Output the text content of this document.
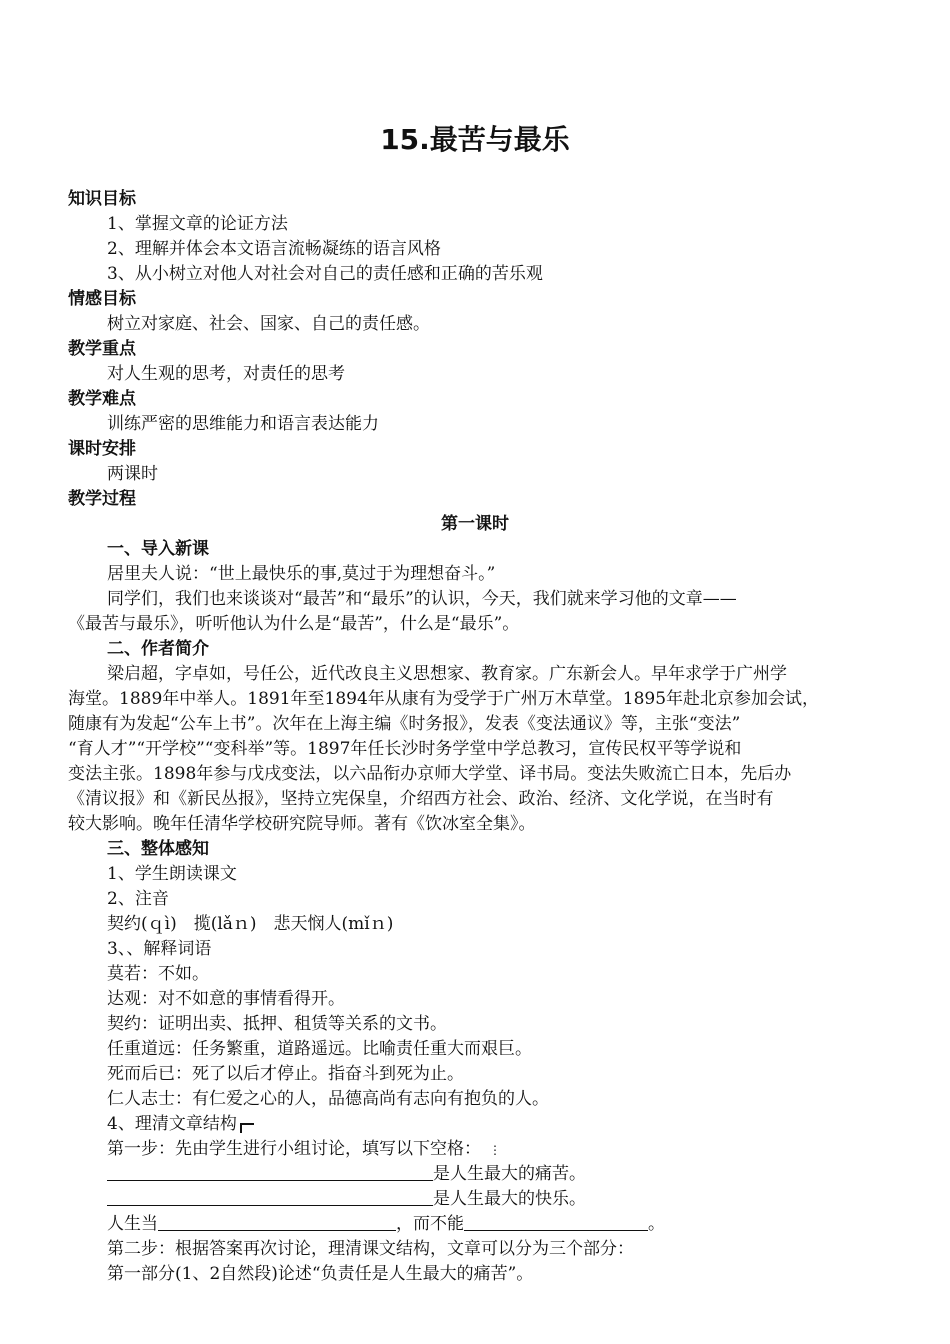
15.最苦与最乐
知识目标
1、掌握文章的论证方法
2、理解并体会本文语言流畅凝练的语言风格
3、从小树立对他人对社会对自己的责任感和正确的苦乐观
情感目标
树立对家庭、社会、国家、自己的责任感。
教学重点
对人生观的思考，对责任的思考
教学难点
训练严密的思维能力和语言表达能力
课时安排
两课时
教学过程
第一课时
一、导入新课
居里夫人说：“世上最快乐的事,莫过于为理想奋斗。”
同学们，我们也来谈谈对“最苦”和“最乐”的认识，今天，我们就来学习他的文章——
《最苦与最乐》，听听他认为什么是“最苦”，什么是“最乐”。
二、作者简介
梁启超，字卓如，号任公，近代改良主义思想家、教育家。广东新会人。早年求学于广州学
海堂。1889年中举人。1891年至1894年从康有为受学于广州万木草堂。1895年赴北京参加会试，
随康有为发起“公车上书”。次年在上海主编《时务报》，发表《变法通议》等，主张“变法”
“育人才”“开学校”“变科举”等。1897年任长沙时务学堂中学总教习，宣传民权平等学说和
变法主张。1898年参与戊戌变法，以六品衔办京师大学堂、译书局。变法失败流亡日本，先后办
《清议报》和《新民丛报》，坚持立宪保皇，介绍西方社会、政治、经济、文化学说，在当时有
较大影响。晚年任清华学校研究院导师。著有《饮冰室全集》。
三、整体感知
1、学生朗读课文
2、注音
契约(ｑì)　揽(lǎｎ)　悲天悯人(mǐｎ)
3、、解释词语
莫若：不如。
达观：对不如意的事情看得开。
契约：证明出卖、抵押、租赁等关系的文书。
任重道远：任务繁重，道路遥远。比喻责任重大而艰巨。
死而后已：死了以后才停止。指奋斗到死为止。
仁人志士：有仁爱之心的人，品德高尚有志向有抱负的人。
4、理清文章结构
第一步：先由学生进行小组讨论，填写以下空格： ⋮
是人生最大的痛苦。
是人生最大的快乐。
人生当	，而不能	。
第二步：根据答案再次讨论，理清课文结构，文章可以分为三个部分：
第一部分(1、2自然段)论述“负责任是人生最大的痛苦”。
